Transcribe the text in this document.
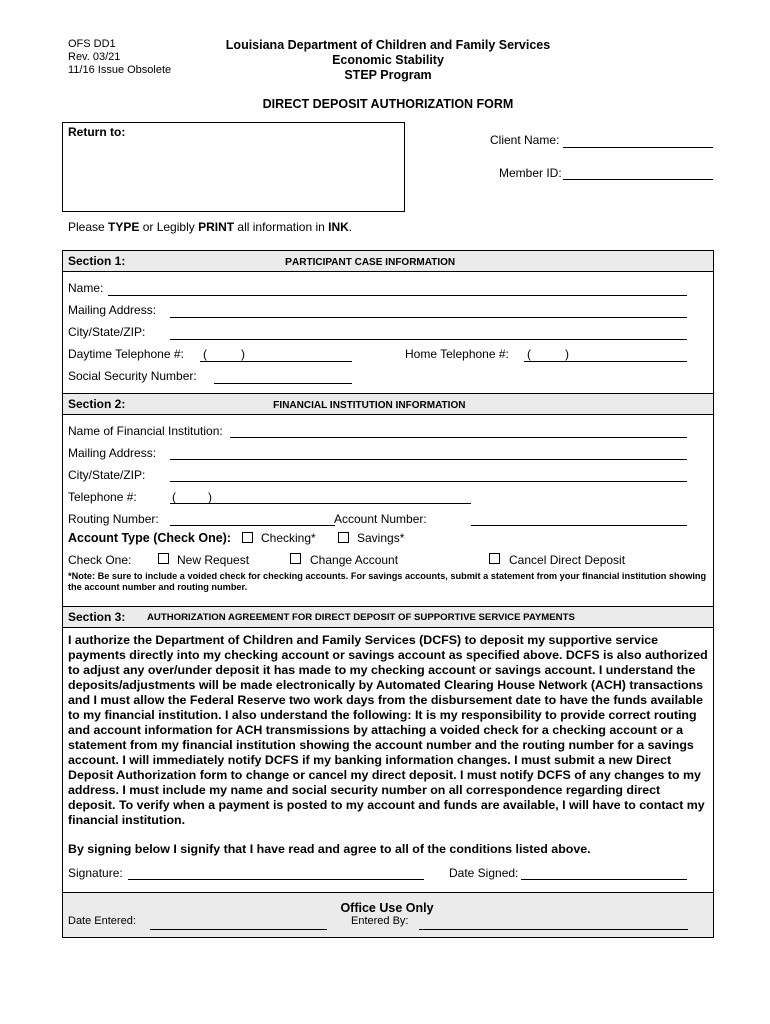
OFS DD1
Rev. 03/21
11/16 Issue Obsolete
Louisiana Department of Children and Family Services
Economic Stability
STEP Program
DIRECT DEPOSIT AUTHORIZATION FORM
Return to:
Client Name:
Member ID:
Please TYPE or Legibly PRINT all information in INK.
Section 1:	PARTICIPANT CASE INFORMATION
Name:
Mailing Address:
City/State/ZIP:
Daytime Telephone #: (	)	Home Telephone #: (	)
Social Security Number:
Section 2:	FINANCIAL INSTITUTION INFORMATION
Name of Financial Institution:
Mailing Address:
City/State/ZIP:
Telephone #:	(	)
Routing Number:	Account Number:
Account Type (Check One):	Checking*	Savings*
Check One:	New Request	Change Account	Cancel Direct Deposit
*Note: Be sure to include a voided check for checking accounts. For savings accounts, submit a statement from your financial institution showing the account number and routing number.
Section 3: AUTHORIZATION AGREEMENT FOR DIRECT DEPOSIT OF SUPPORTIVE SERVICE PAYMENTS
I authorize the Department of Children and Family Services (DCFS) to deposit my supportive service payments directly into my checking account or savings account as specified above. DCFS is also authorized to adjust any over/under deposit it has made to my checking account or savings account. I understand the deposits/adjustments will be made electronically by Automated Clearing House Network (ACH) transactions and I must allow the Federal Reserve two work days from the disbursement date to have the funds available to my financial institution. I also understand the following: It is my responsibility to provide correct routing and account information for ACH transmissions by attaching a voided check for a checking account or a statement from my financial institution showing the account number and the routing number for a savings account. I will immediately notify DCFS if my banking information changes. I must submit a new Direct Deposit Authorization form to change or cancel my direct deposit. I must notify DCFS of any changes to my address. I must include my name and social security number on all correspondence regarding direct deposit. To verify when a payment is posted to my account and funds are available, I will have to contact my financial institution.
By signing below I signify that I have read and agree to all of the conditions listed above.
Signature:	Date Signed:
Office Use Only
Date Entered:	Entered By:
